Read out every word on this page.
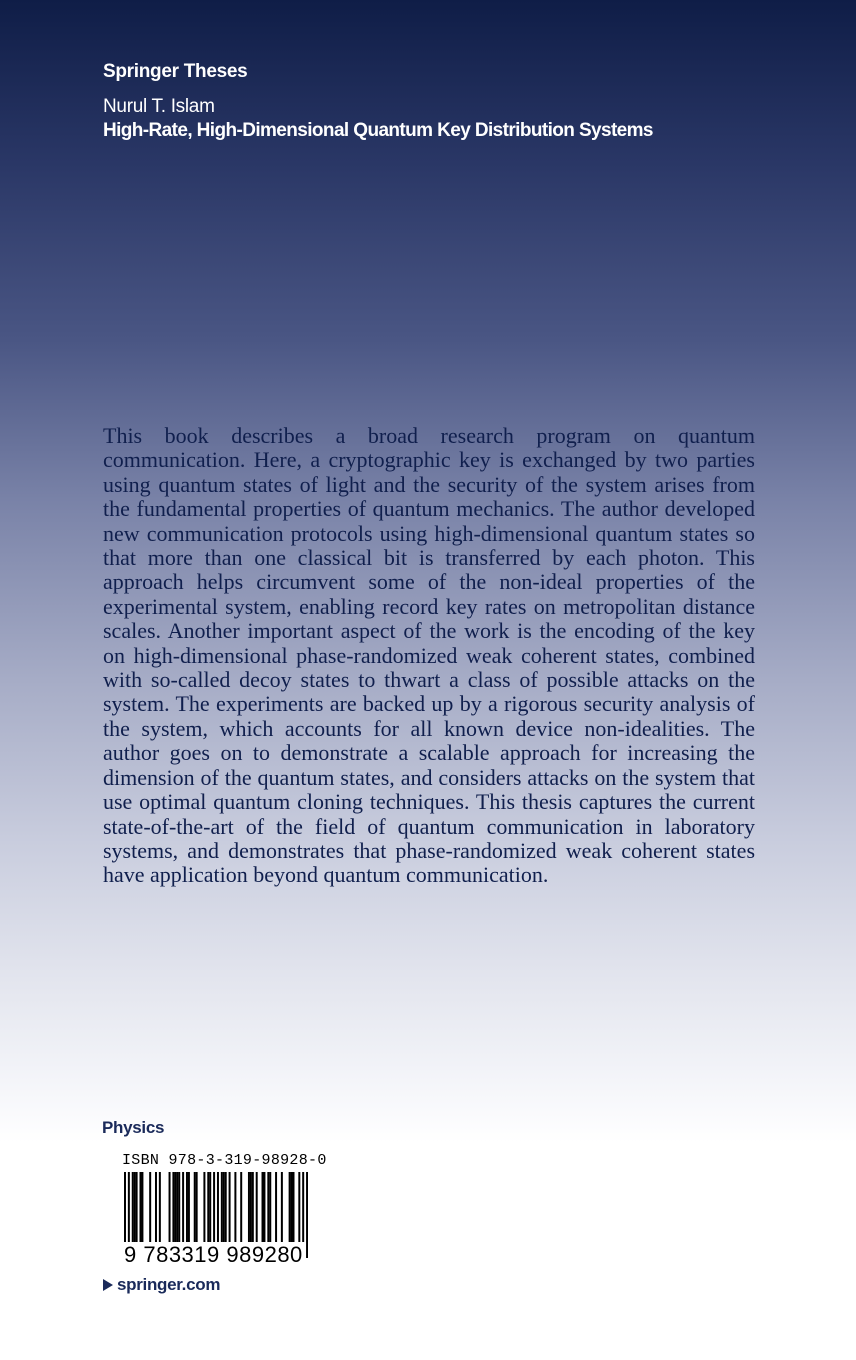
Springer Theses
Nurul T. Islam
High-Rate, High-Dimensional Quantum Key Distribution Systems

This book describes a broad research program on quantum communication. Here, a cryptographic key is exchanged by two parties using quantum states of light and the security of the system arises from the fundamental properties of quantum mechanics. The author developed new communication protocols using high-dimensional quantum states so that more than one classical bit is transferred by each photon. This approach helps circumvent some of the non-ideal properties of the experimental system, enabling record key rates on metropolitan distance scales. Another important aspect of the work is the encoding of the key on high-dimensional phase-randomized weak coherent states, combined with so-called decoy states to thwart a class of possible attacks on the system. The experiments are backed up by a rigorous security analysis of the system, which accounts for all known device non-idealities. The author goes on to demonstrate a scalable approach for increasing the dimension of the quantum states, and considers attacks on the system that use optimal quantum cloning techniques. This thesis captures the current state-of-the-art of the field of quantum communication in laboratory systems, and demonstrates that phase-randomized weak coherent states have application beyond quantum communication.

Physics
ISBN 978-3-319-98928-0
9 783319 989280
springer.com
